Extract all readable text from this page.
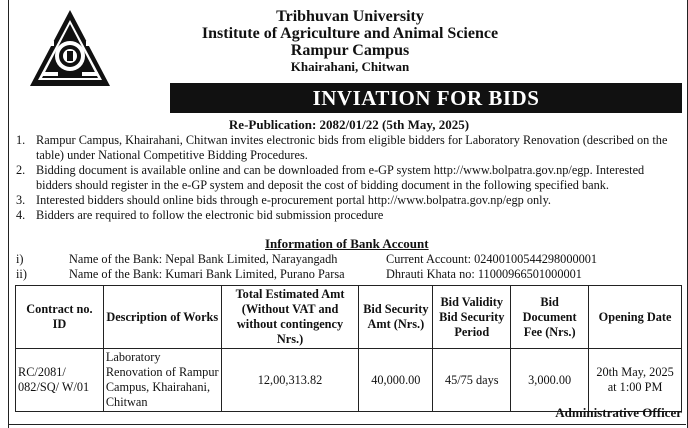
Tribhuvan University
Institute of Agriculture and Animal Science
Rampur Campus
Khairahani, Chitwan
INVIATION FOR BIDS
Re-Publication: 2082/01/22 (5th May, 2025)
1. Rampur Campus, Khairahani, Chitwan invites electronic bids from eligible bidders for Laboratory Renovation (described on the table) under National Competitive Bidding Procedures.
2. Bidding document is available online and can be downloaded from e-GP system http://www.bolpatra.gov.np/egp. Interested bidders should register in the e-GP system and deposit the cost of bidding document in the following specified bank.
3. Interested bidders should online bids through e-procurement portal http://www.bolpatra.gov.np/egp only.
4. Bidders are required to follow the electronic bid submission procedure
Information of Bank Account
i)	Name of the Bank: Nepal Bank Limited, Narayangadh	Current Account: 02400100544298000001
ii)	Name of the Bank: Kumari Bank Limited, Purano Parsa	Dhrauti Khata no: 11000966501000001
Contract no. ID	Description of Works	Total Estimated Amt (Without VAT and without contingency Nrs.)	Bid Security Amt (Nrs.)	Bid Validity Bid Security Period	Bid Document Fee (Nrs.)	Opening Date
RC/2081/ 082/SQ/ W/01	Laboratory Renovation of Rampur Campus, Khairahani, Chitwan	12,00,313.82	40,000.00	45/75 days	3,000.00	20th May, 2025 at 1:00 PM
Administrative Officer
